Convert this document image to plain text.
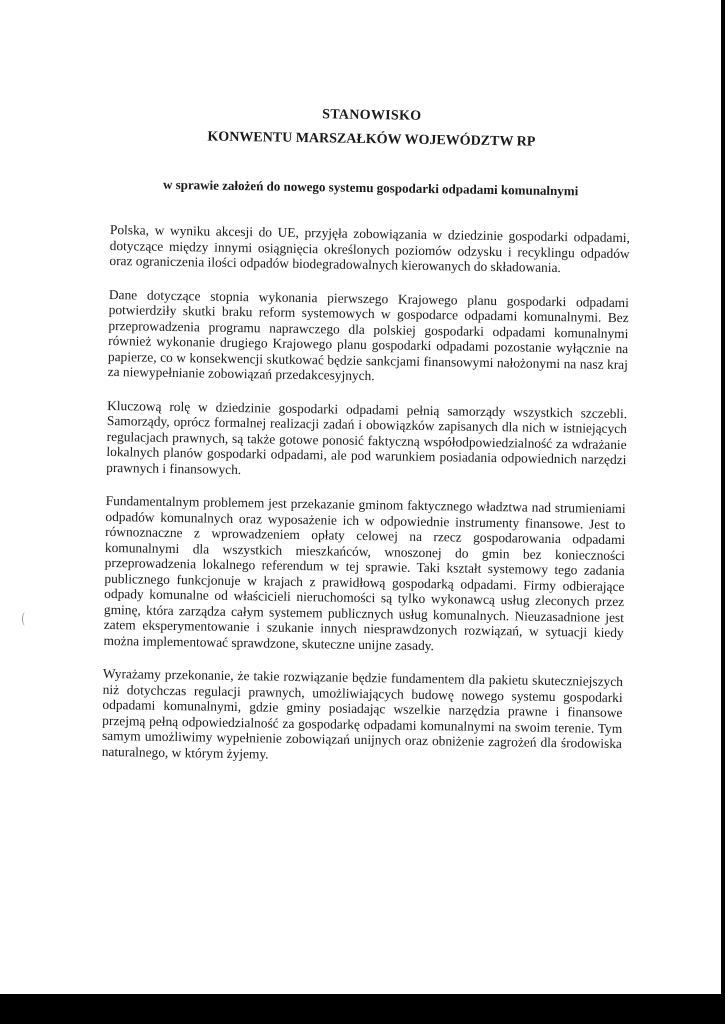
STANOWISKO
KONWENTU MARSZAŁKÓW WOJEWÓDZTW RP
w sprawie założeń do nowego systemu gospodarki odpadami komunalnymi

Polska, w wyniku akcesji do UE, przyjęła zobowiązania w dziedzinie gospodarki odpadami, dotyczące między innymi osiągnięcia określonych poziomów odzysku i recyklingu odpadów oraz ograniczenia ilości odpadów biodegradowalnych kierowanych do składowania.

Dane dotyczące stopnia wykonania pierwszego Krajowego planu gospodarki odpadami potwierdziły skutki braku reform systemowych w gospodarce odpadami komunalnymi. Bez przeprowadzenia programu naprawczego dla polskiej gospodarki odpadami komunalnymi również wykonanie drugiego Krajowego planu gospodarki odpadami pozostanie wyłącznie na papierze, co w konsekwencji skutkować będzie sankcjami finansowymi nałożonymi na nasz kraj za niewypełnianie zobowiązań przedakcesyjnych.

Kluczową rolę w dziedzinie gospodarki odpadami pełnią samorządy wszystkich szczebli. Samorządy, oprócz formalnej realizacji zadań i obowiązków zapisanych dla nich w istniejących regulacjach prawnych, są także gotowe ponosić faktyczną współodpowiedzialność za wdrażanie lokalnych planów gospodarki odpadami, ale pod warunkiem posiadania odpowiednich narzędzi prawnych i finansowych.

Fundamentalnym problemem jest przekazanie gminom faktycznego władztwa nad strumieniami odpadów komunalnych oraz wyposażenie ich w odpowiednie instrumenty finansowe. Jest to równoznaczne z wprowadzeniem opłaty celowej na rzecz gospodarowania odpadami komunalnymi dla wszystkich mieszkańców, wnoszonej do gmin bez konieczności przeprowadzenia lokalnego referendum w tej sprawie. Taki kształt systemowy tego zadania publicznego funkcjonuje w krajach z prawidłową gospodarką odpadami. Firmy odbierające odpady komunalne od właścicieli nieruchomości są tylko wykonawcą usług zleconych przez gminę, która zarządza całym systemem publicznych usług komunalnych. Nieuzasadnione jest zatem eksperymentowanie i szukanie innych niesprawdzonych rozwiązań, w sytuacji kiedy można implementować sprawdzone, skuteczne unijne zasady.

Wyrażamy przekonanie, że takie rozwiązanie będzie fundamentem dla pakietu skuteczniejszych niż dotychczas regulacji prawnych, umożliwiających budowę nowego systemu gospodarki odpadami komunalnymi, gdzie gminy posiadając wszelkie narzędzia prawne i finansowe przejmą pełną odpowiedzialność za gospodarkę odpadami komunalnymi na swoim terenie. Tym samym umożliwimy wypełnienie zobowiązań unijnych oraz obniżenie zagrożeń dla środowiska naturalnego, w którym żyjemy.
